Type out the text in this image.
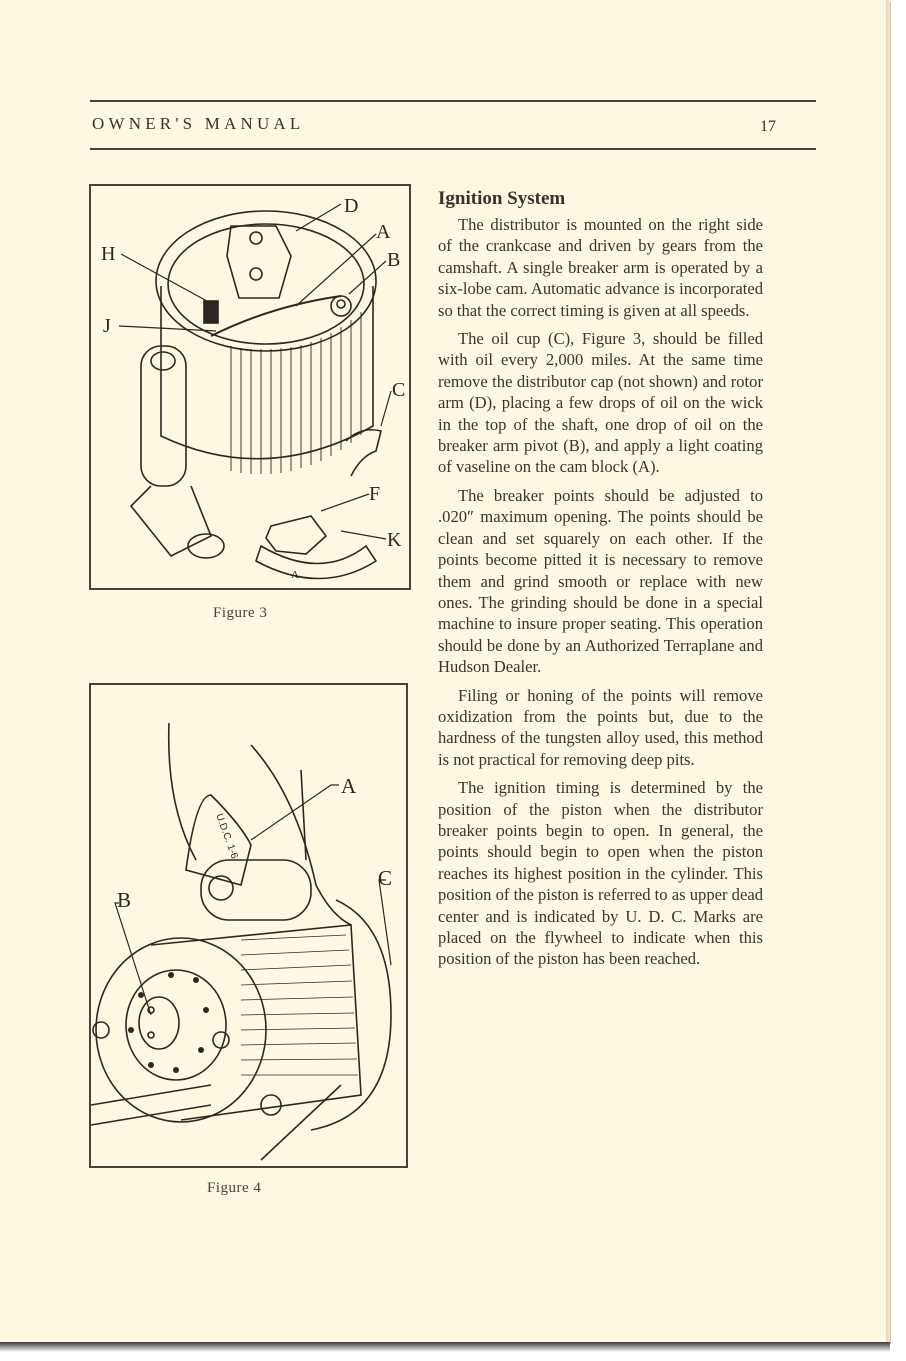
OWNER'S MANUAL	17
D
A
H	B
J
C
F
K
A
Figure 3
U.D.C. 1-6
A
C
B
Figure 4
Ignition System

The distributor is mounted on the right side of the crankcase and driven by gears from the camshaft. A single breaker arm is operated by a six-lobe cam. Automatic advance is incorporated so that the correct timing is given at all speeds.

The oil cup (C), Figure 3, should be filled with oil every 2,000 miles. At the same time remove the distributor cap (not shown) and rotor arm (D), placing a few drops of oil on the wick in the top of the shaft, one drop of oil on the breaker arm pivot (B), and apply a light coating of vaseline on the cam block (A).

The breaker points should be adjusted to .020″ maximum opening. The points should be clean and set squarely on each other. If the points become pitted it is necessary to remove them and grind smooth or replace with new ones. The grinding should be done in a special machine to insure proper seating. This operation should be done by an Authorized Terraplane and Hudson Dealer.

Filing or honing of the points will remove oxidization from the points but, due to the hardness of the tungsten alloy used, this method is not practical for removing deep pits.

The ignition timing is determined by the position of the piston when the distributor breaker points begin to open. In general, the points should begin to open when the piston reaches its highest position in the cylinder. This position of the piston is referred to as upper dead center and is indicated by U. D. C. Marks are placed on the flywheel to indicate when this position of the piston has been reached.
